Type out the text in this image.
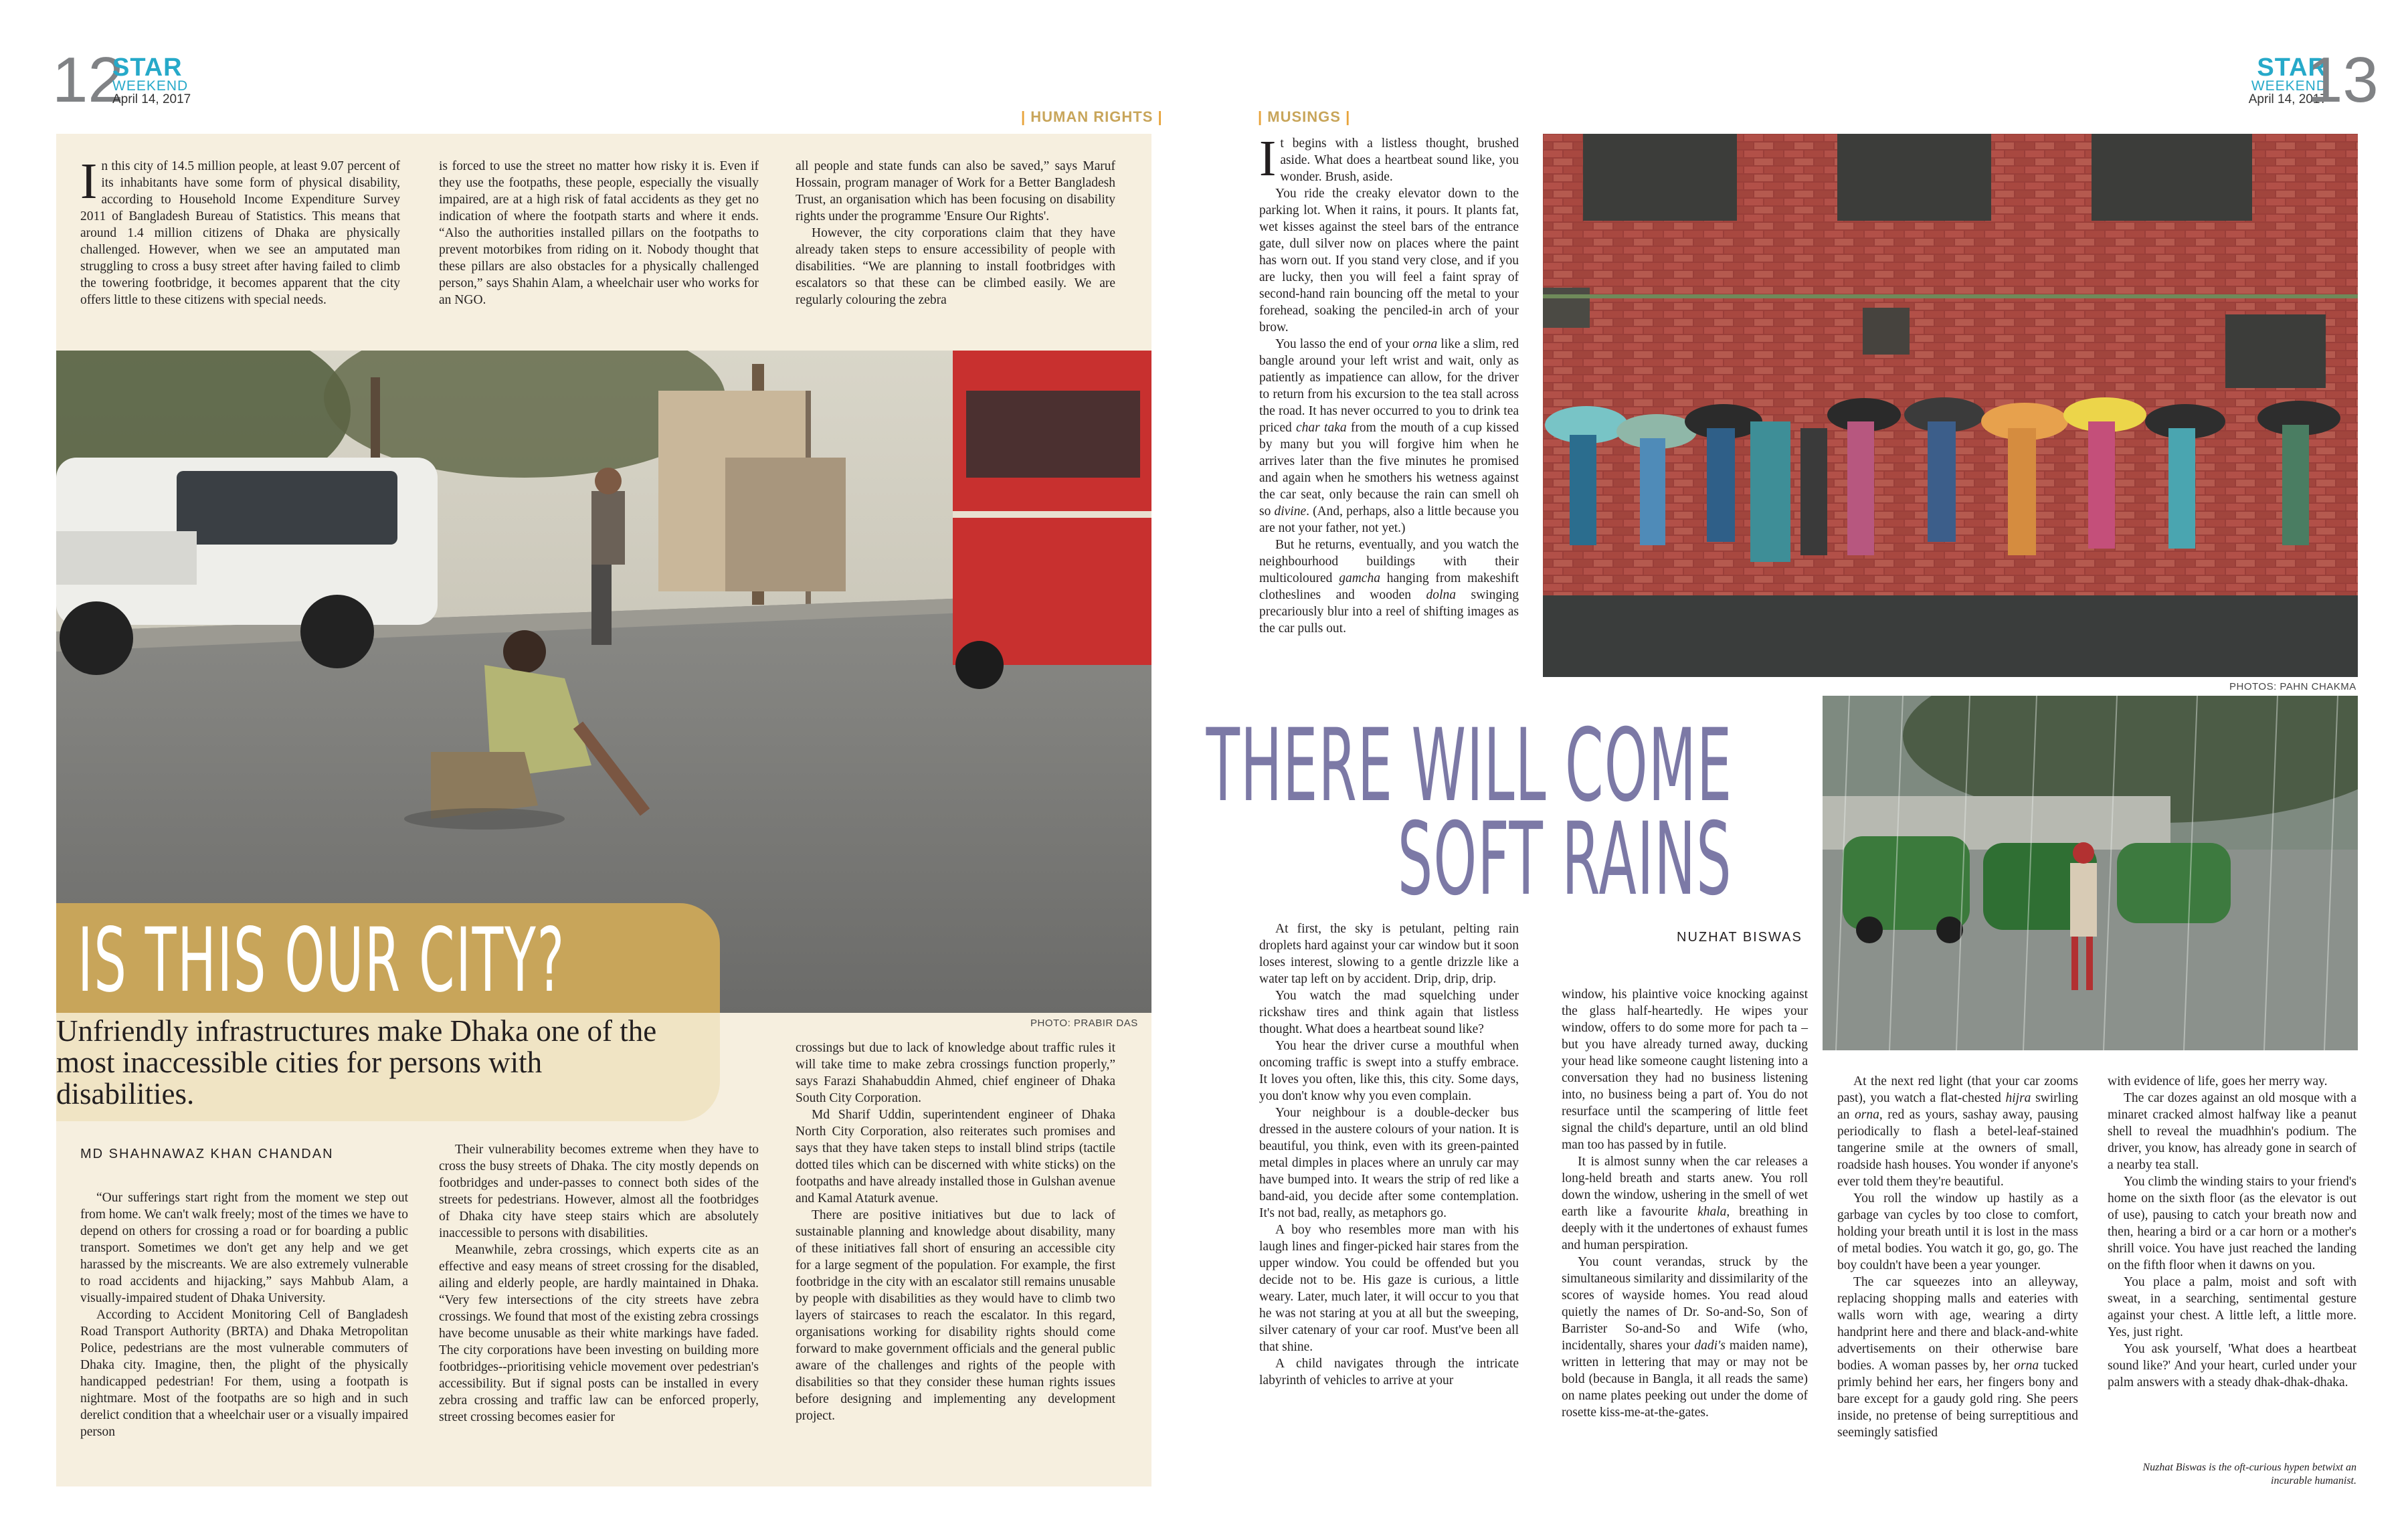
12
STAR
WEEKEND
April 14, 2017
| HUMAN RIGHTS |

In this city of 14.5 million people, at least 9.07 percent of its inhabitants have some form of physical disability, according to Household Income Expenditure Survey 2011 of Bangladesh Bureau of Statistics. This means that around 1.4 million citizens of Dhaka are physically challenged. However, when we see an amputated man struggling to cross a busy street after having failed to climb the towering footbridge, it becomes apparent that the city offers little to these citizens with special needs.

is forced to use the street no matter how risky it is. Even if they use the footpaths, these people, especially the visually impaired, are at a high risk of fatal accidents as they get no indication of where the footpath starts and where it ends. “Also the authorities installed pillars on the footpaths to prevent motorbikes from riding on it. Nobody thought that these pillars are also obstacles for a physically challenged person,” says Shahin Alam, a wheelchair user who works for an NGO.

all people and state funds can also be saved,” says Maruf Hossain, program manager of Work for a Better Bangladesh Trust, an organisation which has been focusing on disability rights under the programme 'Ensure Our Rights'.

However, the city corporations claim that they have already taken steps to ensure accessibility of people with disabilities. “We are planning to install footbridges with escalators so that these can be climbed easily. We are regularly colouring the zebra

PHOTO: PRABIR DAS
IS THIS OUR CITY?
Unfriendly infrastructures make Dhaka one of the most inaccessible cities for persons with disabilities.
MD SHAHNAWAZ KHAN CHANDAN

“Our sufferings start right from the moment we step out from home. We can't walk freely; most of the times we have to depend on others for crossing a road or for boarding a public transport. Sometimes we don't get any help and we get harassed by the miscreants. We are also extremely vulnerable to road accidents and hijacking,” says Mahbub Alam, a visually-impaired student of Dhaka University.

According to Accident Monitoring Cell of Bangladesh Road Transport Authority (BRTA) and Dhaka Metropolitan Police, pedestrians are the most vulnerable commuters of Dhaka city. Imagine, then, the plight of the physically handicapped pedestrian! For them, using a footpath is nightmare. Most of the footpaths are so high and in such derelict condition that a wheelchair user or a visually impaired person

Their vulnerability becomes extreme when they have to cross the busy streets of Dhaka. The city mostly depends on footbridges and under-passes to connect both sides of the streets for pedestrians. However, almost all the footbridges of Dhaka city have steep stairs which are absolutely inaccessible to persons with disabilities.

Meanwhile, zebra crossings, which experts cite as an effective and easy means of street crossing for the disabled, ailing and elderly people, are hardly maintained in Dhaka. “Very few intersections of the city streets have zebra crossings. We found that most of the existing zebra crossings have become unusable as their white markings have faded. The city corporations have been investing on building more footbridges--prioritising vehicle movement over pedestrian's accessibility. But if signal posts can be installed in every zebra crossing and traffic law can be enforced properly, street crossing becomes easier for

crossings but due to lack of knowledge about traffic rules it will take time to make zebra crossings function properly,” says Farazi Shahabuddin Ahmed, chief engineer of Dhaka South City Corporation.

Md Sharif Uddin, superintendent engineer of Dhaka North City Corporation, also reiterates such promises and says that they have taken steps to install blind strips (tactile dotted tiles which can be discerned with white sticks) on the footpaths and have already installed those in Gulshan avenue and Kamal Ataturk avenue.

There are positive initiatives but due to lack of sustainable planning and knowledge about disability, many of these initiatives fall short of ensuring an accessible city for a large segment of the population. For example, the first footbridge in the city with an escalator still remains unusable by people with disabilities as they would have to climb two layers of staircases to reach the escalator. In this regard, organisations working for disability rights should come forward to make government officials and the general public aware of the challenges and rights of the people with disabilities so that they consider these human rights issues before designing and implementing any development project.

STAR
WEEKEND
April 14, 2017
13
| MUSINGS |

It begins with a listless thought, brushed aside. What does a heartbeat sound like, you wonder. Brush, aside.

You ride the creaky elevator down to the parking lot. When it rains, it pours. It plants fat, wet kisses against the steel bars of the entrance gate, dull silver now on places where the paint has worn out. If you stand very close, and if you are lucky, then you will feel a faint spray of second-hand rain bouncing off the metal to your forehead, soaking the penciled-in arch of your brow.

You lasso the end of your orna like a slim, red bangle around your left wrist and wait, only as patiently as impatience can allow, for the driver to return from his excursion to the tea stall across the road. It has never occurred to you to drink tea priced char taka from the mouth of a cup kissed by many but you will forgive him when he arrives later than the five minutes he promised and again when he smothers his wetness against the car seat, only because the rain can smell oh so divine. (And, perhaps, also a little because you are not your father, not yet.)

But he returns, eventually, and you watch the neighbourhood buildings with their multicoloured gamcha hanging from makeshift clotheslines and wooden dolna swinging precariously blur into a reel of shifting images as the car pulls out.

PHOTOS: PAHN CHAKMA
THERE WILL COME
SOFT RAINS
NUZHAT BISWAS

At first, the sky is petulant, pelting rain droplets hard against your car window but it soon loses interest, slowing to a gentle drizzle like a water tap left on by accident. Drip, drip, drip.

You watch the mad squelching under rickshaw tires and think again that listless thought. What does a heartbeat sound like?

You hear the driver curse a mouthful when oncoming traffic is swept into a stuffy embrace. It loves you often, like this, this city. Some days, you don't know why you even complain.

Your neighbour is a double-decker bus dressed in the austere colours of your nation. It is beautiful, you think, even with its green-painted metal dimples in places where an unruly car may have bumped into. It wears the strip of red like a band-aid, you decide after some contemplation. It's not bad, really, as metaphors go.

A boy who resembles more man with his laugh lines and finger-picked hair stares from the upper window. You could be offended but you decide not to be. His gaze is curious, a little weary. Later, much later, it will occur to you that he was not staring at you at all but the sweeping, silver catenary of your car roof. Must've been all that shine.

A child navigates through the intricate labyrinth of vehicles to arrive at your

window, his plaintive voice knocking against the glass half-heartedly. He wipes your window, offers to do some more for pach ta – but you have already turned away, ducking your head like someone caught listening into a conversation they had no business listening into, no business being a part of. You do not resurface until the scampering of little feet signal the child's departure, until an old blind man too has passed by in futile.

It is almost sunny when the car releases a long-held breath and starts anew. You roll down the window, ushering in the smell of wet earth like a favourite khala, breathing in deeply with it the undertones of exhaust fumes and human perspiration.

You count verandas, struck by the simultaneous similarity and dissimilarity of the scores of wayside homes. You read aloud quietly the names of Dr. So-and-So, Son of Barrister So-and-So and Wife (who, incidentally, shares your dadi's maiden name), written in lettering that may or may not be bold (because in Bangla, it all reads the same) on name plates peeking out under the dome of rosette kiss-me-at-the-gates.

At the next red light (that your car zooms past), you watch a flat-chested hijra swirling an orna, red as yours, sashay away, pausing periodically to flash a betel-leaf-stained tangerine smile at the owners of small, roadside hash houses. You wonder if anyone's ever told them they're beautiful.

You roll the window up hastily as a garbage van cycles by too close to comfort, holding your breath until it is lost in the mass of metal bodies. You watch it go, go, go. The boy couldn't have been a year younger.

The car squeezes into an alleyway, replacing shopping malls and eateries with walls worn with age, wearing a dirty handprint here and there and black-and-white advertisements on their otherwise bare bodies. A woman passes by, her orna tucked primly behind her ears, her fingers bony and bare except for a gaudy gold ring. She peers inside, no pretense of being surreptitious and seemingly satisfied

with evidence of life, goes her merry way.

The car dozes against an old mosque with a minaret cracked almost halfway like a peanut shell to reveal the muadhhin's podium. The driver, you know, has already gone in search of a nearby tea stall.

You climb the winding stairs to your friend's home on the sixth floor (as the elevator is out of use), pausing to catch your breath now and then, hearing a bird or a car horn or a mother's shrill voice. You have just reached the landing on the fifth floor when it dawns on you.

You place a palm, moist and soft with sweat, in a searching, sentimental gesture against your chest. A little left, a little more. Yes, just right.

You ask yourself, 'What does a heartbeat sound like?' And your heart, curled under your palm answers with a steady dhak-dhak-dhaka.

Nuzhat Biswas is the oft-curious hypen betwixt an incurable humanist.
